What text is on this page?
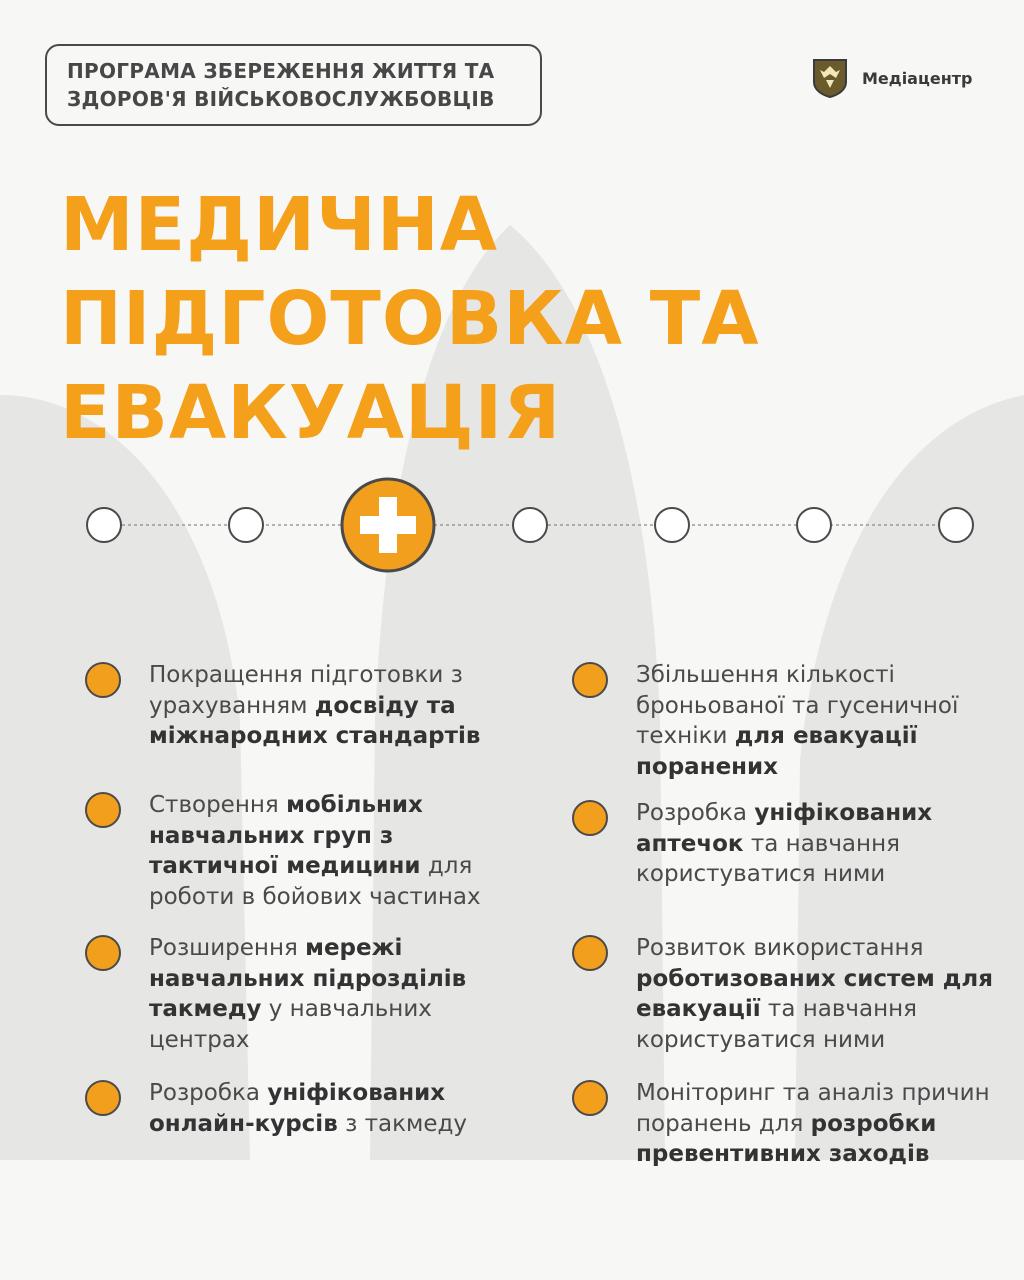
ПРОГРАМА ЗБЕРЕЖЕННЯ ЖИТТЯ ТА
ЗДОРОВ'Я ВІЙСЬКОВОСЛУЖБОВЦІВ
Медіацентр
МЕДИЧНА
ПІДГОТОВКА ТА
ЕВАКУАЦІЯ
Покращення підготовки з урахуванням досвіду та міжнародних стандартів
Створення мобільних навчальних груп з тактичної медицини для роботи в бойових частинах
Розширення мережі навчальних підрозділів такмеду у навчальних центрах
Розробка уніфікованих онлайн-курсів з такмеду
Збільшення кількості броньованої та гусеничної техніки для евакуації поранених
Розробка уніфікованих аптечок та навчання користуватися ними
Розвиток використання роботизованих систем для евакуації та навчання користуватися ними
Моніторинг та аналіз причин поранень для розробки превентивних заходів
